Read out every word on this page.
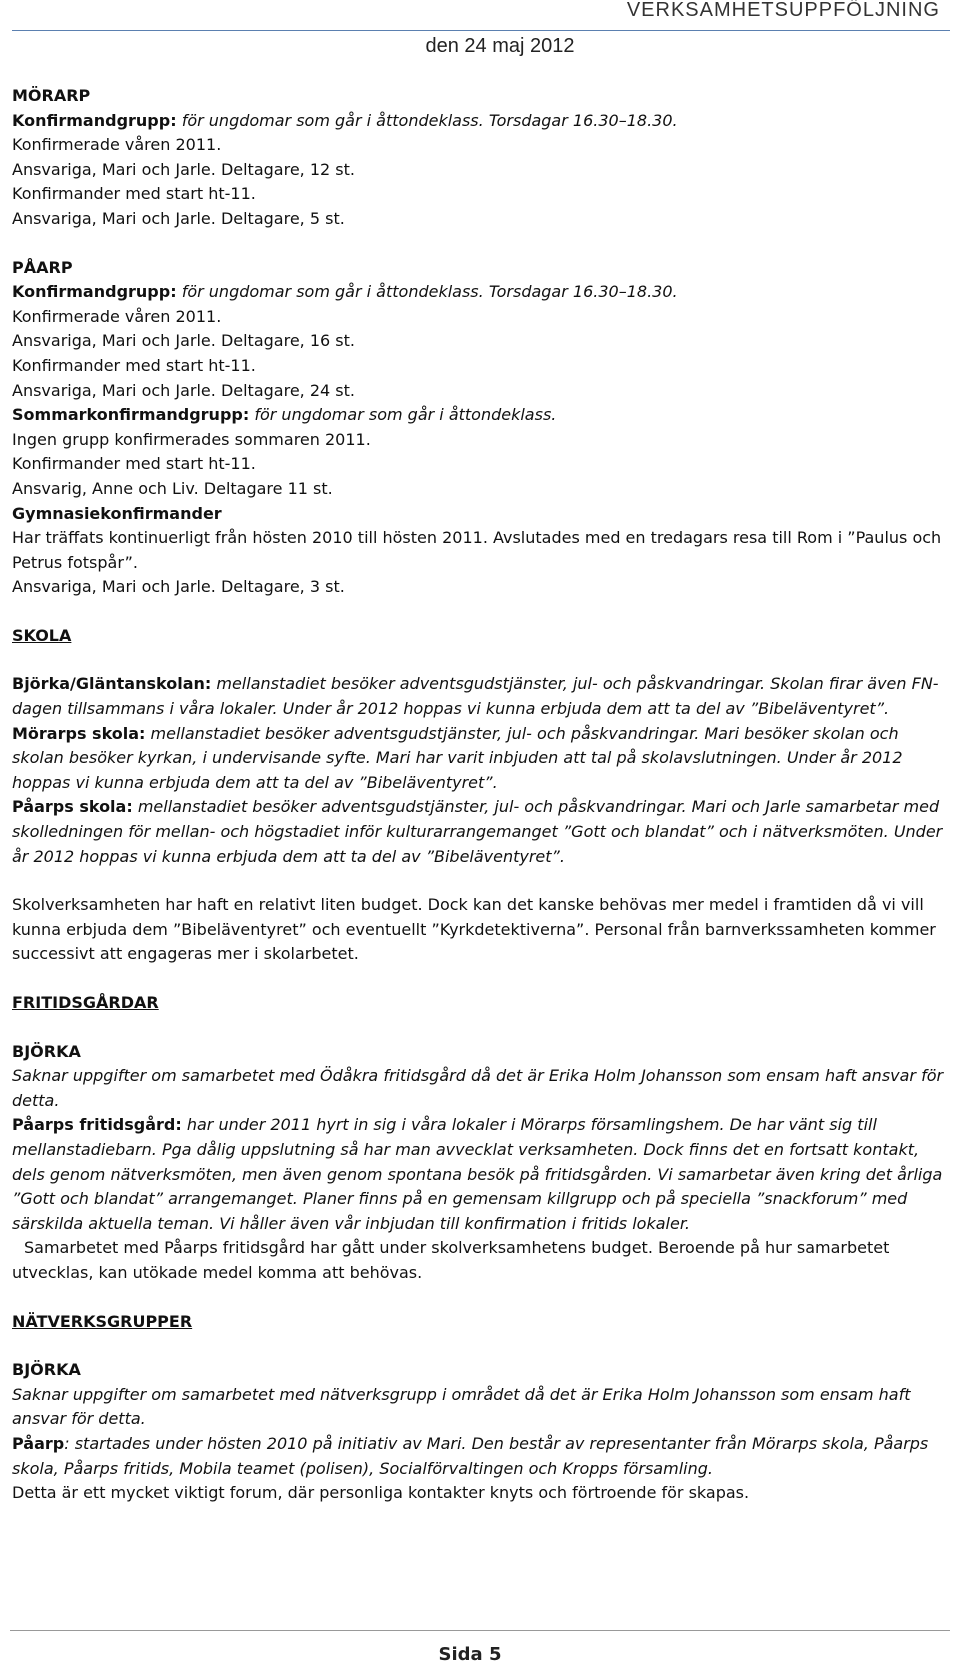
VERKSAMHETSUPPFÖLJNING
den 24 maj 2012

MÖRARP

Konfirmandgrupp: för ungdomar som går i åttondeklass. Torsdagar 16.30–18.30.

Konfirmerade våren 2011.

Ansvariga, Mari och Jarle. Deltagare, 12 st.

Konfirmander med start ht-11.

Ansvariga, Mari och Jarle. Deltagare, 5 st.

PÅARP

Konfirmandgrupp: för ungdomar som går i åttondeklass. Torsdagar 16.30–18.30.

Konfirmerade våren 2011.

Ansvariga, Mari och Jarle. Deltagare, 16 st.

Konfirmander med start ht-11.

Ansvariga, Mari och Jarle. Deltagare, 24 st.

Sommarkonfirmandgrupp: för ungdomar som går i åttondeklass.

Ingen grupp konfirmerades sommaren 2011.

Konfirmander med start ht-11.

Ansvarig, Anne och Liv. Deltagare 11 st.

Gymnasiekonfirmander

Har träffats kontinuerligt från hösten 2010 till hösten 2011. Avslutades med en tredagars resa till Rom i ”Paulus och Petrus fotspår”.

Ansvariga, Mari och Jarle. Deltagare, 3 st.

SKOLA

Björka/Gläntanskolan: mellanstadiet besöker adventsgudstjänster, jul- och påskvandringar. Skolan firar även FN-dagen tillsammans i våra lokaler. Under år 2012 hoppas vi kunna erbjuda dem att ta del av ”Bibeläventyret”.

Mörarps skola: mellanstadiet besöker adventsgudstjänster, jul- och påskvandringar. Mari besöker skolan och skolan besöker kyrkan, i undervisande syfte. Mari har varit inbjuden att tal på skolavslutningen. Under år 2012 hoppas vi kunna erbjuda dem att ta del av ”Bibeläventyret”.

Påarps skola: mellanstadiet besöker adventsgudstjänster, jul- och påskvandringar. Mari och Jarle samarbetar med skolledningen för mellan- och högstadiet inför kulturarrangemanget ”Gott och blandat” och i nätverksmöten. Under år 2012 hoppas vi kunna erbjuda dem att ta del av ”Bibeläventyret”.

Skolverksamheten har haft en relativt liten budget. Dock kan det kanske behövas mer medel i framtiden då vi vill kunna erbjuda dem ”Bibeläventyret” och eventuellt ”Kyrkdetektiverna”. Personal från barnverkssamheten kommer successivt att engageras mer i skolarbetet.

FRITIDSGÅRDAR

BJÖRKA

Saknar uppgifter om samarbetet med Ödåkra fritidsgård då det är Erika Holm Johansson som ensam haft ansvar för detta.

Påarps fritidsgård: har under 2011 hyrt in sig i våra lokaler i Mörarps församlingshem. De har vänt sig till mellanstadiebarn. Pga dålig uppslutning så har man avvecklat verksamheten. Dock finns det en fortsatt kontakt, dels genom nätverksmöten, men även genom spontana besök på fritidsgården. Vi samarbetar även kring det årliga ”Gott och blandat” arrangemanget. Planer finns på en gemensam killgrupp och på speciella ”snackforum” med särskilda aktuella teman. Vi håller även vår inbjudan till konfirmation i fritids lokaler.

Samarbetet med Påarps fritidsgård har gått under skolverksamhetens budget. Beroende på hur samarbetet utvecklas, kan utökade medel komma att behövas.

NÄTVERKSGRUPPER

BJÖRKA

Saknar uppgifter om samarbetet med nätverksgrupp i området då det är Erika Holm Johansson som ensam haft ansvar för detta.

Påarp: startades under hösten 2010 på initiativ av Mari. Den består av representanter från Mörarps skola, Påarps skola, Påarps fritids, Mobila teamet (polisen), Socialförvaltingen och Kropps församling.

Detta är ett mycket viktigt forum, där personliga kontakter knyts och förtroende för skapas.

Sida 5
